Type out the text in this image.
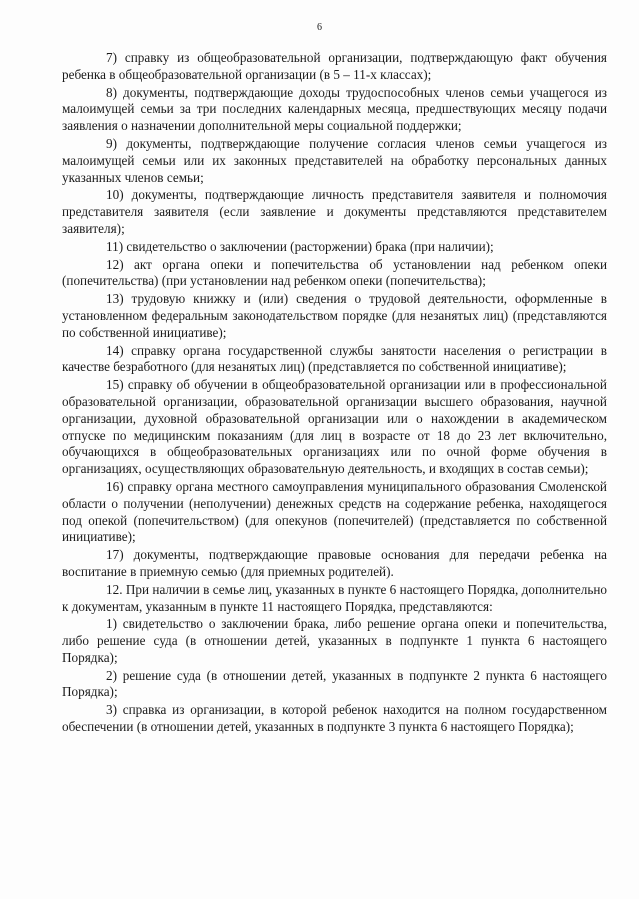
6

7) справку из общеобразовательной организации, подтверждающую факт обучения ребенка в общеобразовательной организации (в 5 – 11-х классах);

8) документы, подтверждающие доходы трудоспособных членов семьи учащегося из малоимущей семьи за три последних календарных месяца, предшествующих месяцу подачи заявления о назначении дополнительной меры социальной поддержки;

9) документы, подтверждающие получение согласия членов семьи учащегося из малоимущей семьи или их законных представителей на обработку персональных данных указанных членов семьи;

10) документы, подтверждающие личность представителя заявителя и полномочия представителя заявителя (если заявление и документы представляются представителем заявителя);

11) свидетельство о заключении (расторжении) брака (при наличии);

12) акт органа опеки и попечительства об установлении над ребенком опеки (попечительства) (при установлении над ребенком опеки (попечительства);

13) трудовую книжку и (или) сведения о трудовой деятельности, оформленные в установленном федеральным законодательством порядке (для незанятых лиц) (представляются по собственной инициативе);

14) справку органа государственной службы занятости населения о регистрации в качестве безработного (для незанятых лиц) (представляется по собственной инициативе);

15) справку об обучении в общеобразовательной организации или в профессиональной образовательной организации, образовательной организации высшего образования, научной организации, духовной образовательной организации или о нахождении в академическом отпуске по медицинским показаниям (для лиц в возрасте от 18 до 23 лет включительно, обучающихся в общеобразовательных организациях или по очной форме обучения в организациях, осуществляющих образовательную деятельность, и входящих в состав семьи);

16) справку органа местного самоуправления муниципального образования Смоленской области о получении (неполучении) денежных средств на содержание ребенка, находящегося под опекой (попечительством) (для опекунов (попечителей) (представляется по собственной инициативе);

17) документы, подтверждающие правовые основания для передачи ребенка на воспитание в приемную семью (для приемных родителей).

12. При наличии в семье лиц, указанных в пункте 6 настоящего Порядка, дополнительно к документам, указанным в пункте 11 настоящего Порядка, представляются:

1) свидетельство о заключении брака, либо решение органа опеки и попечительства, либо решение суда (в отношении детей, указанных в подпункте 1 пункта 6 настоящего Порядка);

2) решение суда (в отношении детей, указанных в подпункте 2 пункта 6 настоящего Порядка);

3) справка из организации, в которой ребенок находится на полном государственном обеспечении (в отношении детей, указанных в подпункте 3 пункта 6 настоящего Порядка);
